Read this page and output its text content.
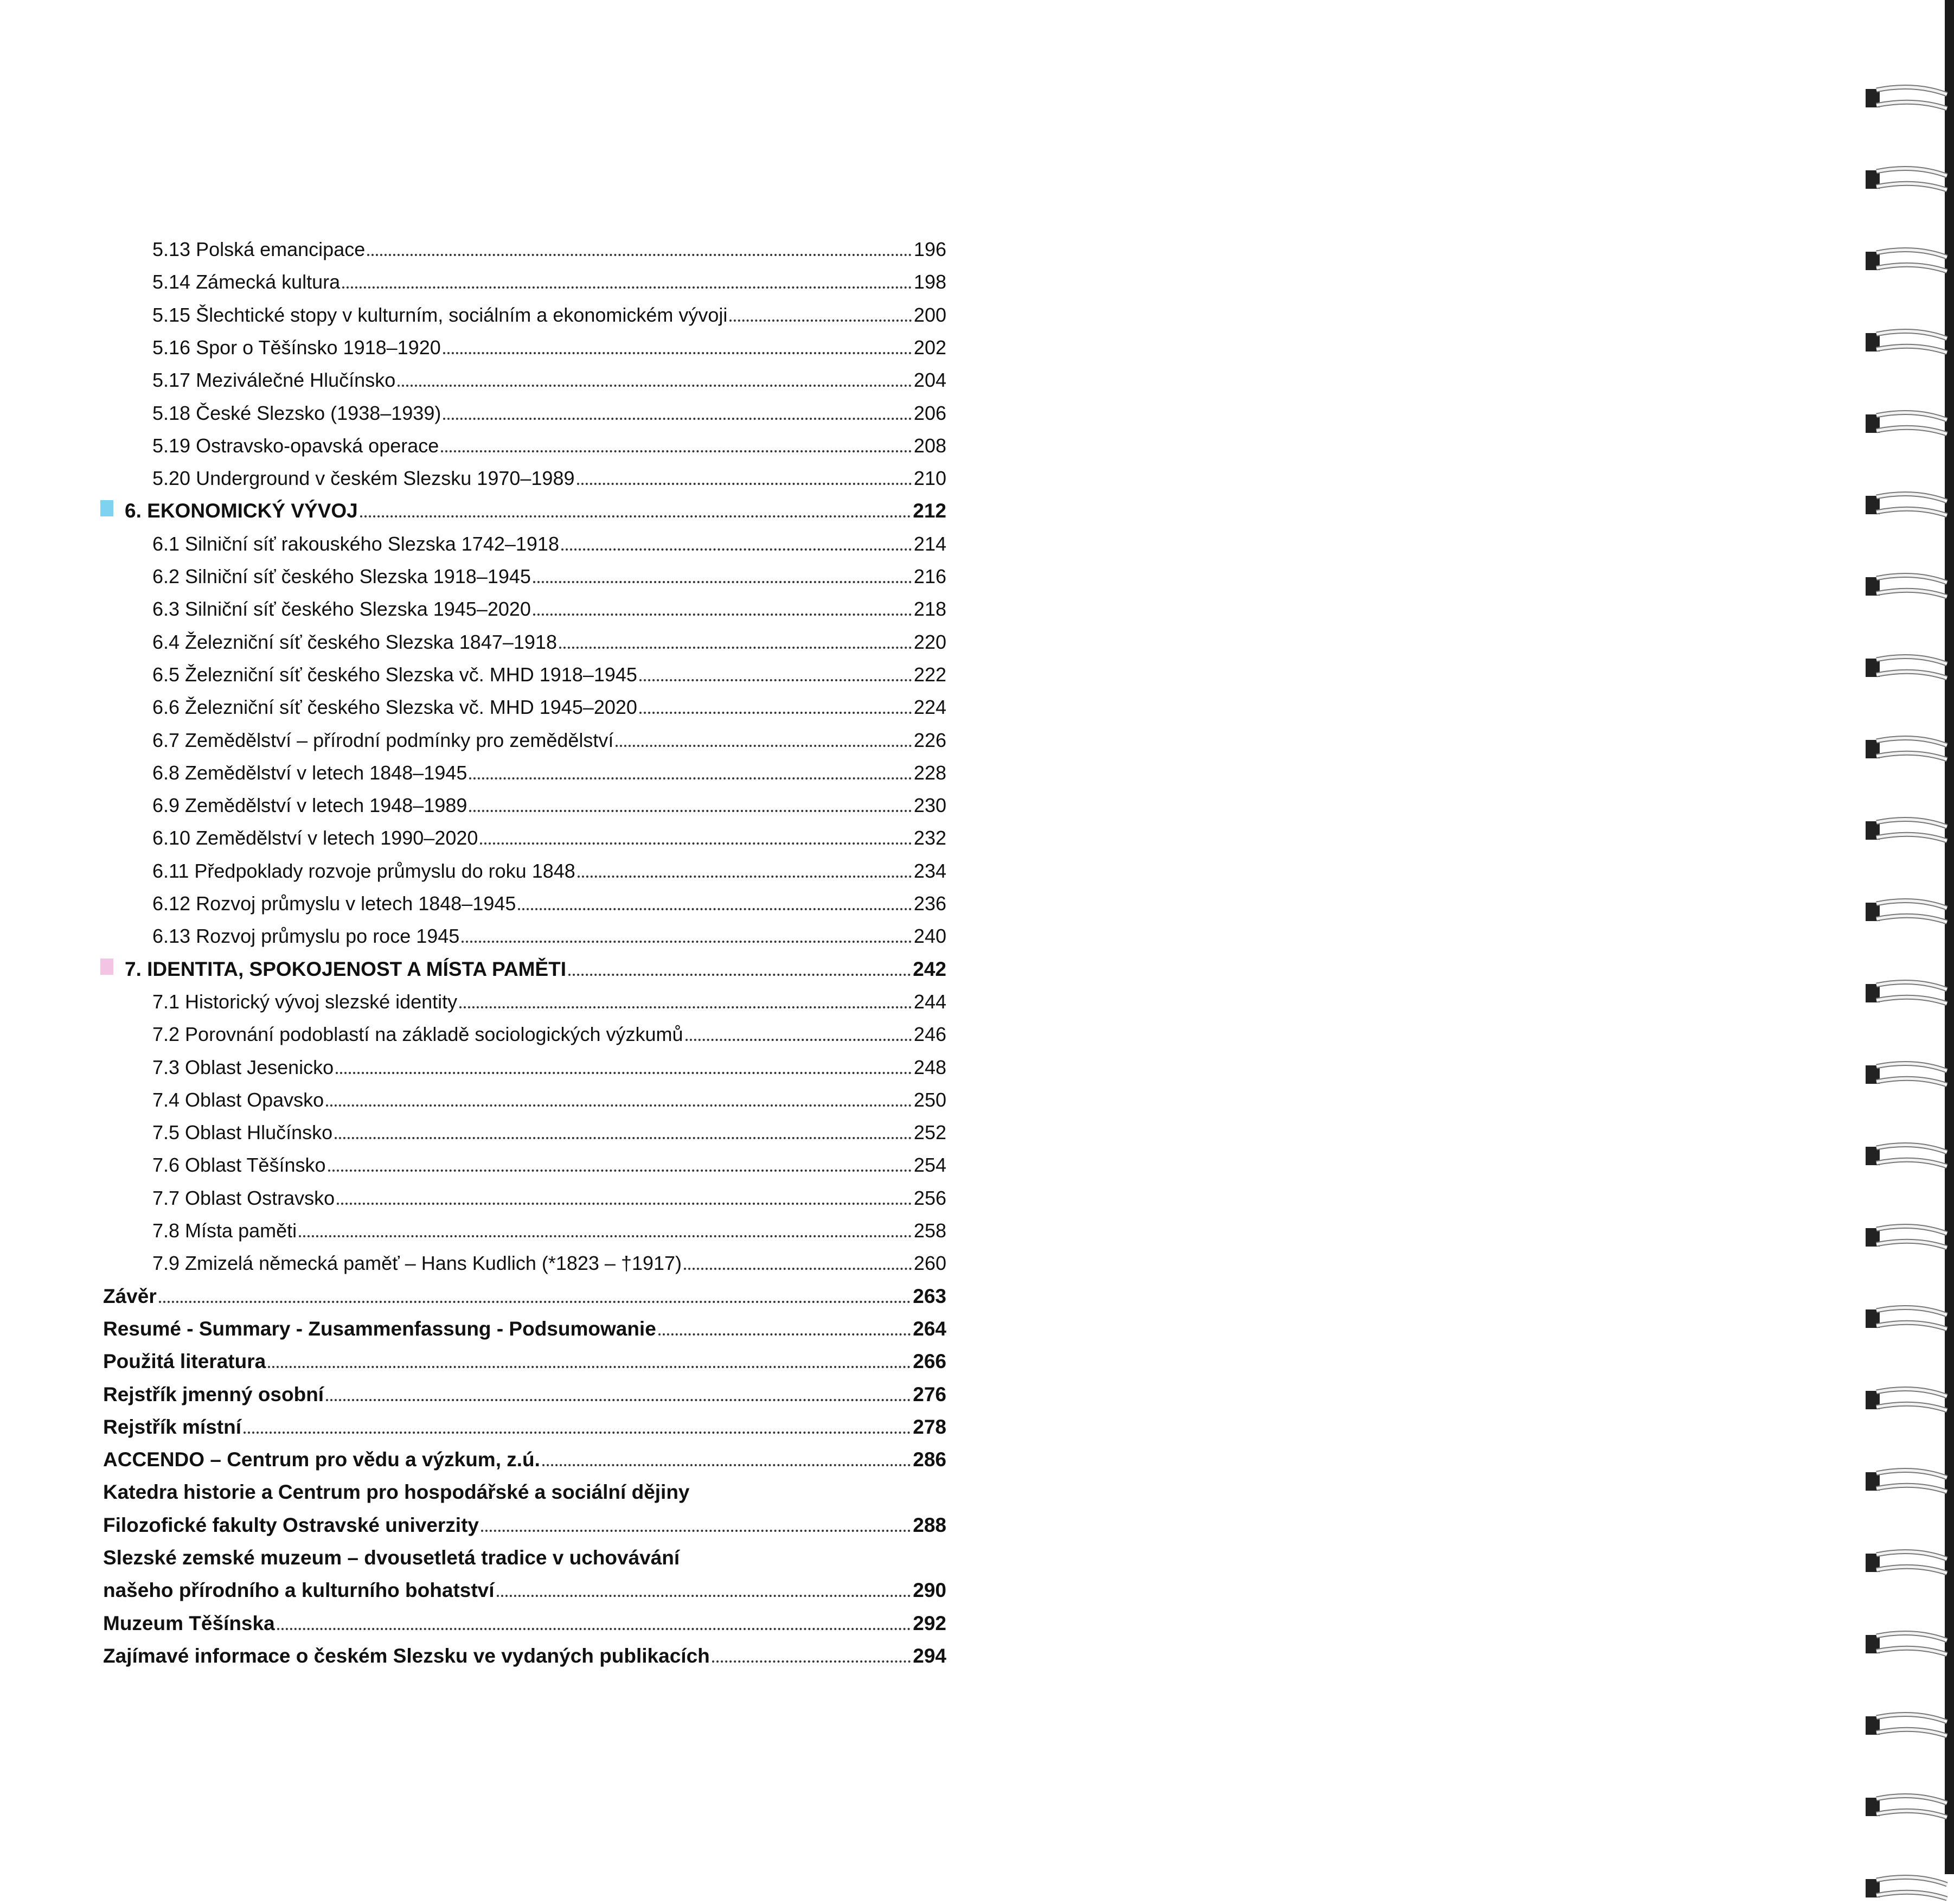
5.13 Polská emancipace	196
5.14 Zámecká kultura	198
5.15 Šlechtické stopy v kulturním, sociálním a ekonomickém vývoji	200
5.16 Spor o Těšínsko 1918–1920	202
5.17 Meziválečné Hlučínsko	204
5.18 České Slezsko (1938–1939)	206
5.19 Ostravsko-opavská operace	208
5.20 Underground v českém Slezsku 1970–1989	210
6. EKONOMICKÝ VÝVOJ	212
6.1 Silniční síť rakouského Slezska 1742–1918	214
6.2 Silniční síť českého Slezska 1918–1945	216
6.3 Silniční síť českého Slezska 1945–2020	218
6.4 Železniční síť českého Slezska 1847–1918	220
6.5 Železniční síť českého Slezska vč. MHD 1918–1945	222
6.6 Železniční síť českého Slezska vč. MHD 1945–2020	224
6.7 Zemědělství – přírodní podmínky pro zemědělství	226
6.8 Zemědělství v letech 1848–1945	228
6.9 Zemědělství v letech 1948–1989	230
6.10 Zemědělství v letech 1990–2020	232
6.11 Předpoklady rozvoje průmyslu do roku 1848	234
6.12 Rozvoj průmyslu v letech 1848–1945	236
6.13 Rozvoj průmyslu po roce 1945	240
7. IDENTITA, SPOKOJENOST A MÍSTA PAMĚTI	242
7.1 Historický vývoj slezské identity	244
7.2 Porovnání podoblastí na základě sociologických výzkumů	246
7.3 Oblast Jesenicko	248
7.4 Oblast Opavsko	250
7.5 Oblast Hlučínsko	252
7.6 Oblast Těšínsko	254
7.7 Oblast Ostravsko	256
7.8 Místa paměti	258
7.9 Zmizelá německá paměť – Hans Kudlich (*1823 – †1917)	260
Závěr	263
Resumé - Summary - Zusammenfassung - Podsumowanie	264
Použitá literatura	266
Rejstřík jmenný osobní	276
Rejstřík místní	278
ACCENDO – Centrum pro vědu a výzkum, z.ú.	286
Katedra historie a Centrum pro hospodářské a sociální dějiny
Filozofické fakulty Ostravské univerzity	288
Slezské zemské muzeum – dvousetletá tradice v uchovávání
našeho přírodního a kulturního bohatství	290
Muzeum Těšínska	292
Zajímavé informace o českém Slezsku ve vydaných publikacích	294
